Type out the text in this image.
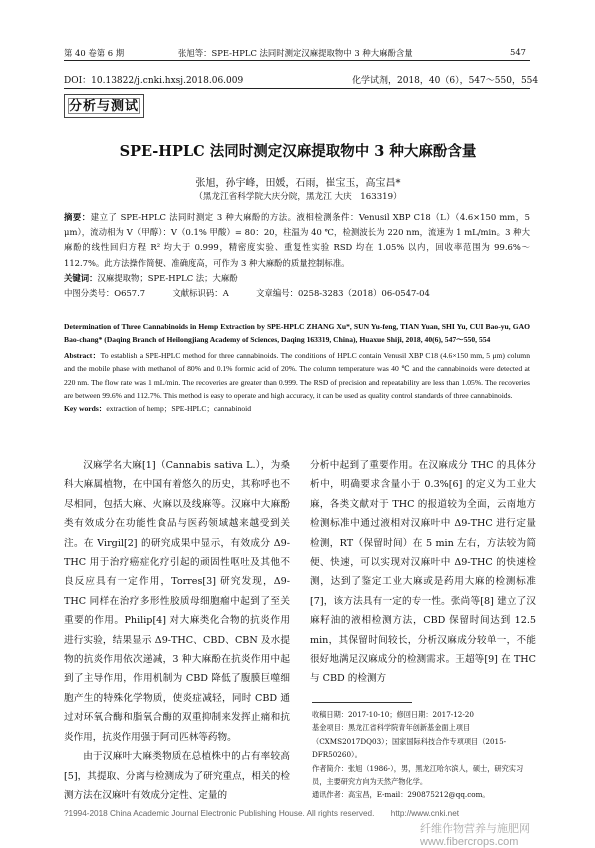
第 40 卷第 6 期	张旭等：SPE-HPLC 法同时测定汉麻提取物中 3 种大麻酚含量	547
DOI：10.13822/j.cnki.hxsj.2018.06.009	化学试剂，2018，40（6），547～550，554
分析与测试
SPE-HPLC 法同时测定汉麻提取物中 3 种大麻酚含量
张旭，孙宇峰，田媛，石雨，崔宝玉，高宝昌*
（黑龙江省科学院大庆分院，黑龙江 大庆　163319）

摘要：建立了 SPE-HPLC 法同时测定 3 种大麻酚的方法。液相检测条件：Venusil XBP C18（L）（4.6×150 mm，5 μm），流动相为 V（甲醇）：V（0.1% 甲酸）= 80：20，柱温为 40 ℃，检测波长为 220 nm，流速为 1 mL/min。3 种大麻酚的线性回归方程 R² 均大于 0.999，精密度实验、重复性实验 RSD 均在 1.05% 以内，回收率范围为 99.6%～112.7%。此方法操作简便、准确度高，可作为 3 种大麻酚的质量控制标准。

关键词：汉麻提取物；SPE-HPLC 法；大麻酚

中图分类号：O657.7	文献标识码：A	文章编号：0258-3283（2018）06-0547-04

Determination of Three Cannabinoids in Hemp Extraction by SPE-HPLC ZHANG Xu*, SUN Yu-feng, TIAN Yuan, SHI Yu, CUI Bao-yu, GAO Bao-chang* (Daqing Branch of Heilongjiang Academy of Sciences, Daqing 163319, China), Huaxue Shiji, 2018, 40(6), 547～550, 554

Abstract：To establish a SPE-HPLC method for three cannabinoids. The conditions of HPLC contain Venusil XBP C18 (4.6×150 mm, 5 μm) column and the mobile phase with methanol of 80% and 0.1% formic acid of 20%. The column temperature was 40 ℃ and the cannabinoids were detected at 220 nm. The flow rate was 1 mL/min. The recoveries are greater than 0.999. The RSD of precision and repeatability are less than 1.05%. The recoveries are between 99.6% and 112.7%. This method is easy to operate and high accuracy, it can be used as quality control standards of three cannabinoids.

Key words：extraction of hemp；SPE-HPLC；cannabinoid

汉麻学名大麻[1]（Cannabis sativa L.），为桑科大麻属植物，在中国有着悠久的历史，其称呼也不尽相同，包括大麻、火麻以及线麻等。汉麻中大麻酚类有效成分在功能性食品与医药领域越来越受到关注。在 Virgil[2] 的研究成果中显示，有效成分 Δ9-THC 用于治疗癌症化疗引起的顽固性呕吐及其他不良反应具有一定作用，Torres[3] 研究发现，Δ9-THC 同样在治疗多形性胶质母细胞瘤中起到了至关重要的作用。Philip[4] 对大麻类化合物的抗炎作用进行实验，结果显示 Δ9-THC、CBD、CBN 及水提物的抗炎作用依次递减，3 种大麻酚在抗炎作用中起到了主导作用，作用机制为 CBD 降低了腹膜巨噬细胞产生的特殊化学物质，使炎症减轻，同时 CBD 通过对环氧合酶和脂氧合酶的双重抑制来发挥止痛和抗炎作用，抗炎作用强于阿司匹林等药物。

由于汉麻叶大麻类物质在总植株中的占有率较高[5]，其提取、分离与检测成为了研究重点，相关的检测方法在汉麻叶有效成分定性、定量的

分析中起到了重要作用。在汉麻成分 THC 的具体分析中，明确要求含量小于 0.3%[6] 的定义为工业大麻，各类文献对于 THC 的报道较为全面，云南地方检测标准中通过液相对汉麻叶中 Δ9-THC 进行定量检测，RT（保留时间）在 5 min 左右，方法较为简便、快速，可以实现对汉麻叶中 Δ9-THC 的快速检测，达到了鉴定工业大麻或是药用大麻的检测标准[7]，该方法具有一定的专一性。张尚等[8] 建立了汉麻籽油的液相检测方法，CBD 保留时间达到 12.5 min，其保留时间较长，分析汉麻成分较单一，不能很好地满足汉麻成分的检测需求。王超等[9] 在 THC 与 CBD 的检测方

收稿日期：2017-10-10；修回日期：2017-12-20

基金项目：黑龙江省科学院青年创新基金面上项目（CXMS2017DQ03）；国家国际科技合作专项项目（2015-DFR50260）。

作者简介：张旭（1986-），男，黑龙江哈尔滨人，硕士，研究实习员，主要研究方向为天然产物化学。

通讯作者：高宝昌，E-mail：290875212@qq.com。

?1994-2018 China Academic Journal Electronic Publishing House. All rights reserved.　　http://www.cnki.net
纤维作物营养与施肥网 www.fibercrops.com
